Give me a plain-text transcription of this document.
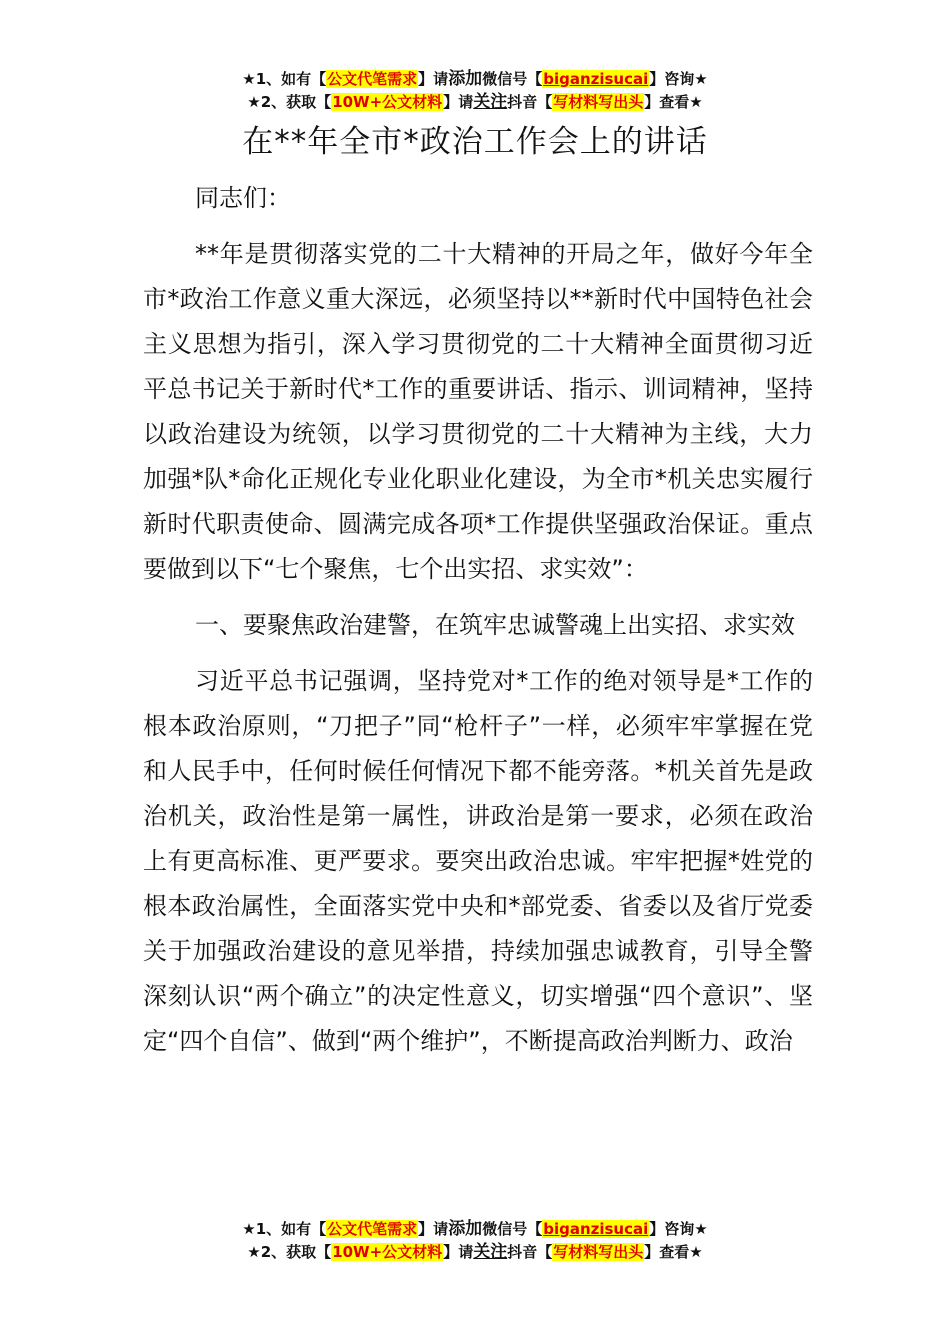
★1、如有【公文代笔需求】请添加微信号【biganzisucai】咨询★
★2、获取【10W+公文材料】请关注抖音【写材料写出头】查看★
在**年全市*政治工作会上的讲话

同志们：

**年是贯彻落实党的二十大精神的开局之年，做好今年全市*政治工作意义重大深远，必须坚持以**新时代中国特色社会主义思想为指引，深入学习贯彻党的二十大精神全面贯彻习近平总书记关于新时代*工作的重要讲话、指示、训词精神，坚持以政治建设为统领，以学习贯彻党的二十大精神为主线，大力加强*队*命化正规化专业化职业化建设，为全市*机关忠实履行新时代职责使命、圆满完成各项*工作提供坚强政治保证。重点要做到以下“七个聚焦，七个出实招、求实效”：

一、要聚焦政治建警，在筑牢忠诚警魂上出实招、求实效

习近平总书记强调，坚持党对*工作的绝对领导是*工作的根本政治原则，“刀把子”同“枪杆子”一样，必须牢牢掌握在党和人民手中，任何时候任何情况下都不能旁落。*机关首先是政治机关，政治性是第一属性，讲政治是第一要求，必须在政治上有更高标准、更严要求。要突出政治忠诚。牢牢把握*姓党的根本政治属性，全面落实党中央和*部党委、省委以及省厅党委关于加强政治建设的意见举措，持续加强忠诚教育，引导全警深刻认识“两个确立”的决定性意义，切实增强“四个意识”、坚定“四个自信”、做到“两个维护”，不断提高政治判断力、政治

★1、如有【公文代笔需求】请添加微信号【biganzisucai】咨询★
★2、获取【10W+公文材料】请关注抖音【写材料写出头】查看★
